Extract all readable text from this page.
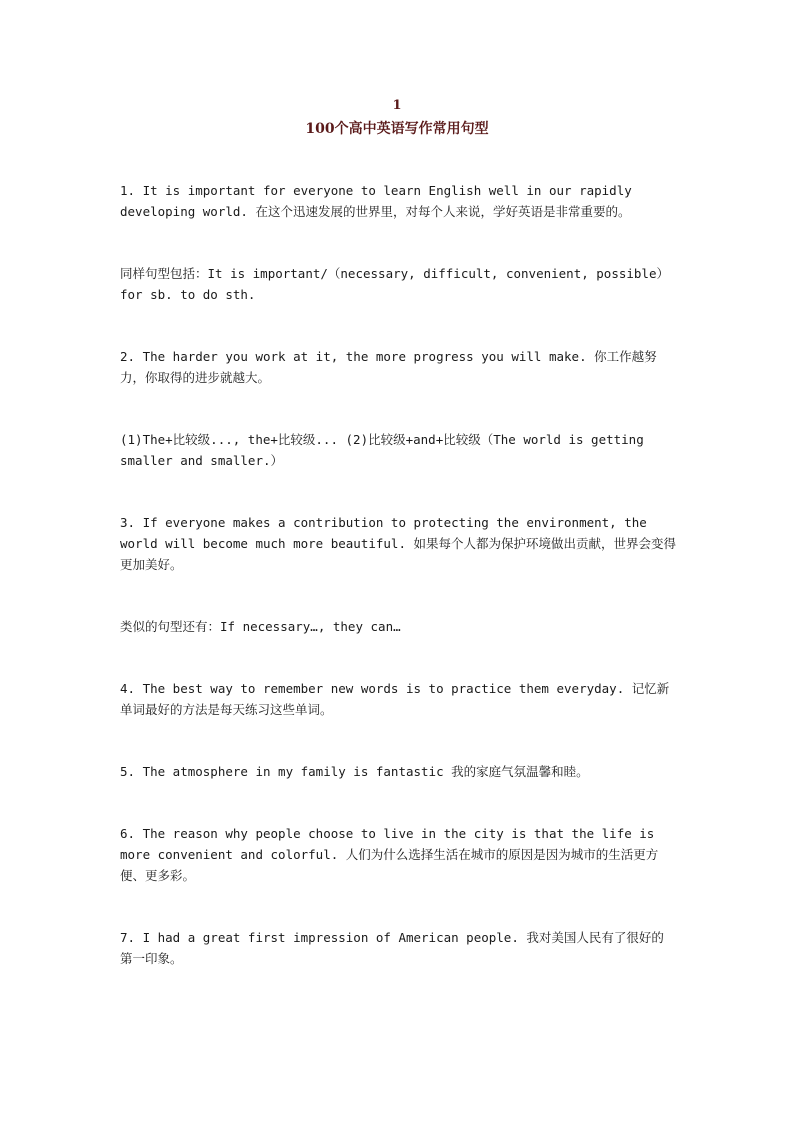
1
100个高中英语写作常用句型

1. It is important for everyone to learn English well in our rapidly developing world. 在这个迅速发展的世界里，对每个人来说，学好英语是非常重要的。

同样句型包括：It is important/（necessary, difficult, convenient, possible） for sb. to do sth.

2. The harder you work at it, the more progress you will make. 你工作越努力，你取得的进步就越大。

(1)The+比较级..., the+比较级... (2)比较级+and+比较级（The world is getting smaller and smaller.）

3. If everyone makes a contribution to protecting the environment, the world will become much more beautiful. 如果每个人都为保护环境做出贡献，世界会变得更加美好。

类似的句型还有：If necessary…, they can…

4. The best way to remember new words is to practice them everyday. 记忆新单词最好的方法是每天练习这些单词。

5. The atmosphere in my family is fantastic 我的家庭气氛温馨和睦。

6. The reason why people choose to live in the city is that the life is more convenient and colorful. 人们为什么选择生活在城市的原因是因为城市的生活更方便、更多彩。

7. I had a great first impression of American people. 我对美国人民有了很好的第一印象。
